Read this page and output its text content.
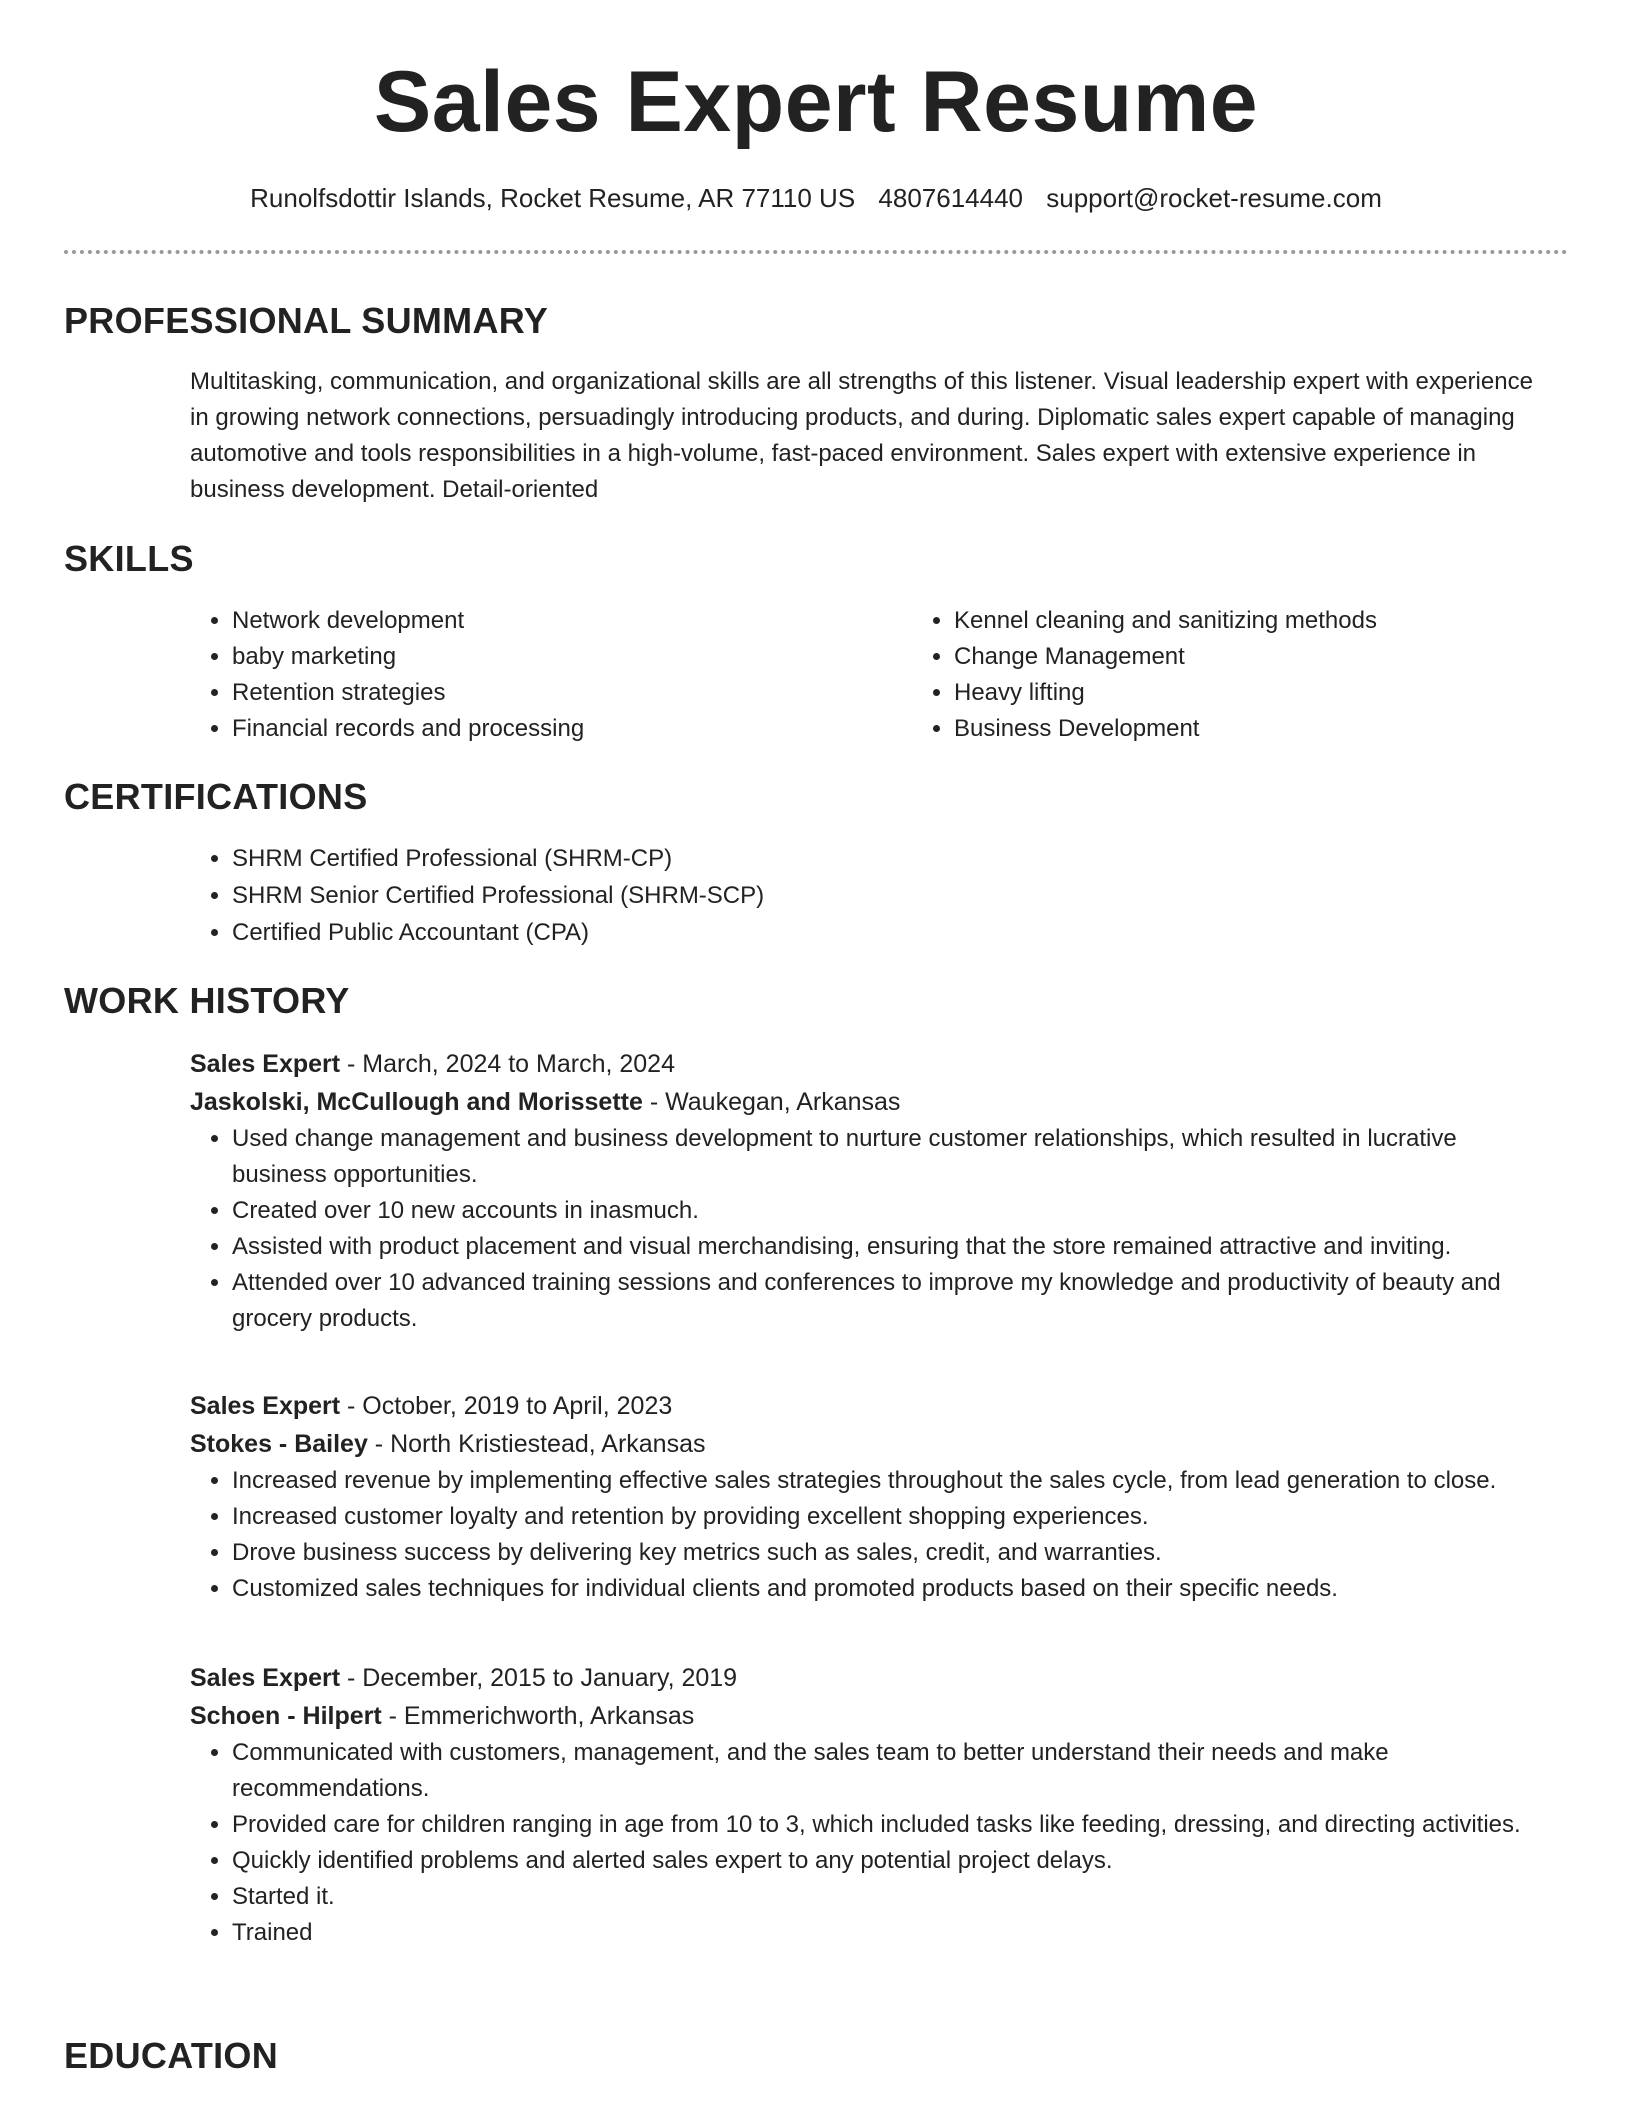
Sales Expert Resume
Runolfsdottir Islands, Rocket Resume, AR 77110 US 4807614440 support@rocket-resume.com
PROFESSIONAL SUMMARY

Multitasking, communication, and organizational skills are all strengths of this listener. Visual leadership expert with experience in growing network connections, persuadingly introducing products, and during. Diplomatic sales expert capable of managing automotive and tools responsibilities in a high-volume, fast-paced environment. Sales expert with extensive experience in business development. Detail-oriented

SKILLS
• Network development
• baby marketing
• Retention strategies
• Financial records and processing
• Kennel cleaning and sanitizing methods
• Change Management
• Heavy lifting
• Business Development
CERTIFICATIONS
• SHRM Certified Professional (SHRM-CP)
• SHRM Senior Certified Professional (SHRM-SCP)
• Certified Public Accountant (CPA)
WORK HISTORY

Sales Expert - March, 2024 to March, 2024

Jaskolski, McCullough and Morissette - Waukegan, Arkansas

• Used change management and business development to nurture customer relationships, which resulted in lucrative business opportunities.
• Created over 10 new accounts in inasmuch.
• Assisted with product placement and visual merchandising, ensuring that the store remained attractive and inviting.
• Attended over 10 advanced training sessions and conferences to improve my knowledge and productivity of beauty and grocery products.

Sales Expert - October, 2019 to April, 2023

Stokes - Bailey - North Kristiestead, Arkansas

• Increased revenue by implementing effective sales strategies throughout the sales cycle, from lead generation to close.
• Increased customer loyalty and retention by providing excellent shopping experiences.
• Drove business success by delivering key metrics such as sales, credit, and warranties.
• Customized sales techniques for individual clients and promoted products based on their specific needs.

Sales Expert - December, 2015 to January, 2019

Schoen - Hilpert - Emmerichworth, Arkansas

• Communicated with customers, management, and the sales team to better understand their needs and make recommendations.
• Provided care for children ranging in age from 10 to 3, which included tasks like feeding, dressing, and directing activities.
• Quickly identified problems and alerted sales expert to any potential project delays.
• Started it.
• Trained
EDUCATION
